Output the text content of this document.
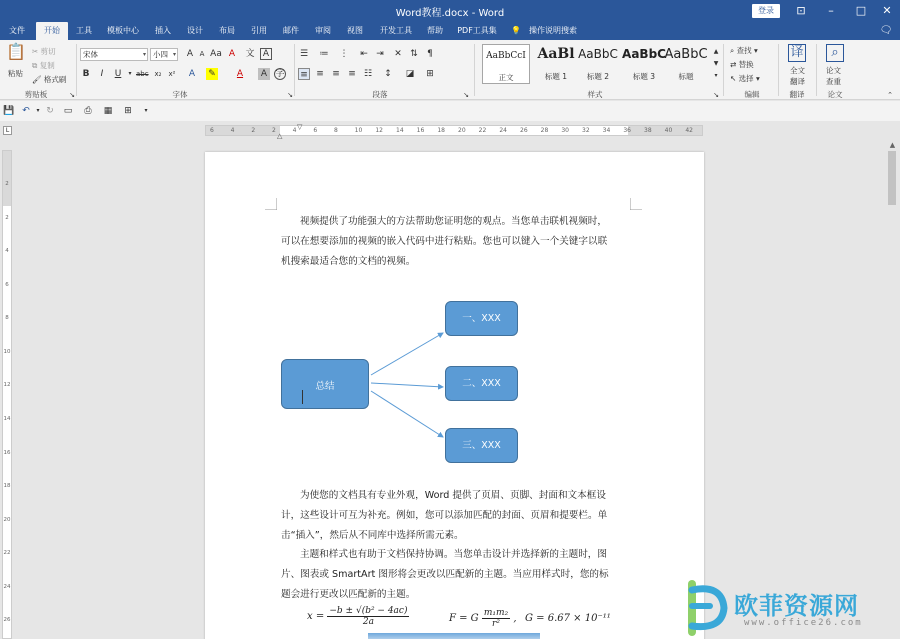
Word教程.docx - Word	登录	⊡	–	□	✕
文件	开始	工具	模板中心	插入	设计	布局	引用	邮件	审阅	视图	开发工具	帮助	PDF工具集	💡	操作说明搜索	🗨
📋
粘贴
✂ 剪切
⧉ 复制
🖌 格式刷
剪贴板	↘
宋体	▾ 小四 ▾	A A Aa A	文 A
B	I	U	▾ abc x₂	x²	A	✎	A	A 字
字体	↘
☰ ≔ ⋮ ⇤ ⇥ ✕ ⇅	¶
≡ ≡ ≡ ≡ ☷ ↕ ◪ ⊞
段落	↘
AaBbCcI
正文
AaBl
标题 1
AaBbC
标题 2
AaBbC
标题 3
AaBbC
标题
▲
▼
▾
样式	↘
⌕ 查找 ▾
⇄ 替换
↖ 选择 ▾
编辑
译
全文
翻译
翻译
⌕
论文
查重
论文	⌃
💾 ↶	▾ ↻ ▭ ⎙ ▦ ⊞	▾
6	4	2	2	4	6	8	10 12 14 16 18 20 22 24 26 28 30 32 34 36 38 40 42
▽
△
L
2
2
4
6
8
10
12
14
16
18
20
22
24
26
▲
视频提供了功能强大的方法帮助您证明您的观点。当您单击联机视频时，
可以在想要添加的视频的嵌入代码中进行粘贴。您也可以键入一个关键字以联
机搜索最适合您的文档的视频。
总结
一、XXX
二、XXX
三、XXX
为使您的文档具有专业外观，Word 提供了页眉、页脚、封面和文本框设
计，这些设计可互为补充。例如，您可以添加匹配的封面、页眉和提要栏。单
击“插入”，然后从不同库中选择所需元素。
主题和样式也有助于文档保持协调。当您单击设计并选择新的主题时，图
片、图表或 SmartArt 图形将会更改以匹配新的主题。当应用样式时，您的标
题会进行更改以匹配新的主题。
$x = \frac{\text{−b ± √(b² − 4ac)}}{2a}$	F = G $\frac{\text{m₁m₂}}{\text{r²}}$ , G = 6.67 × 10⁻¹¹	欧菲资源网
www.office26.com
